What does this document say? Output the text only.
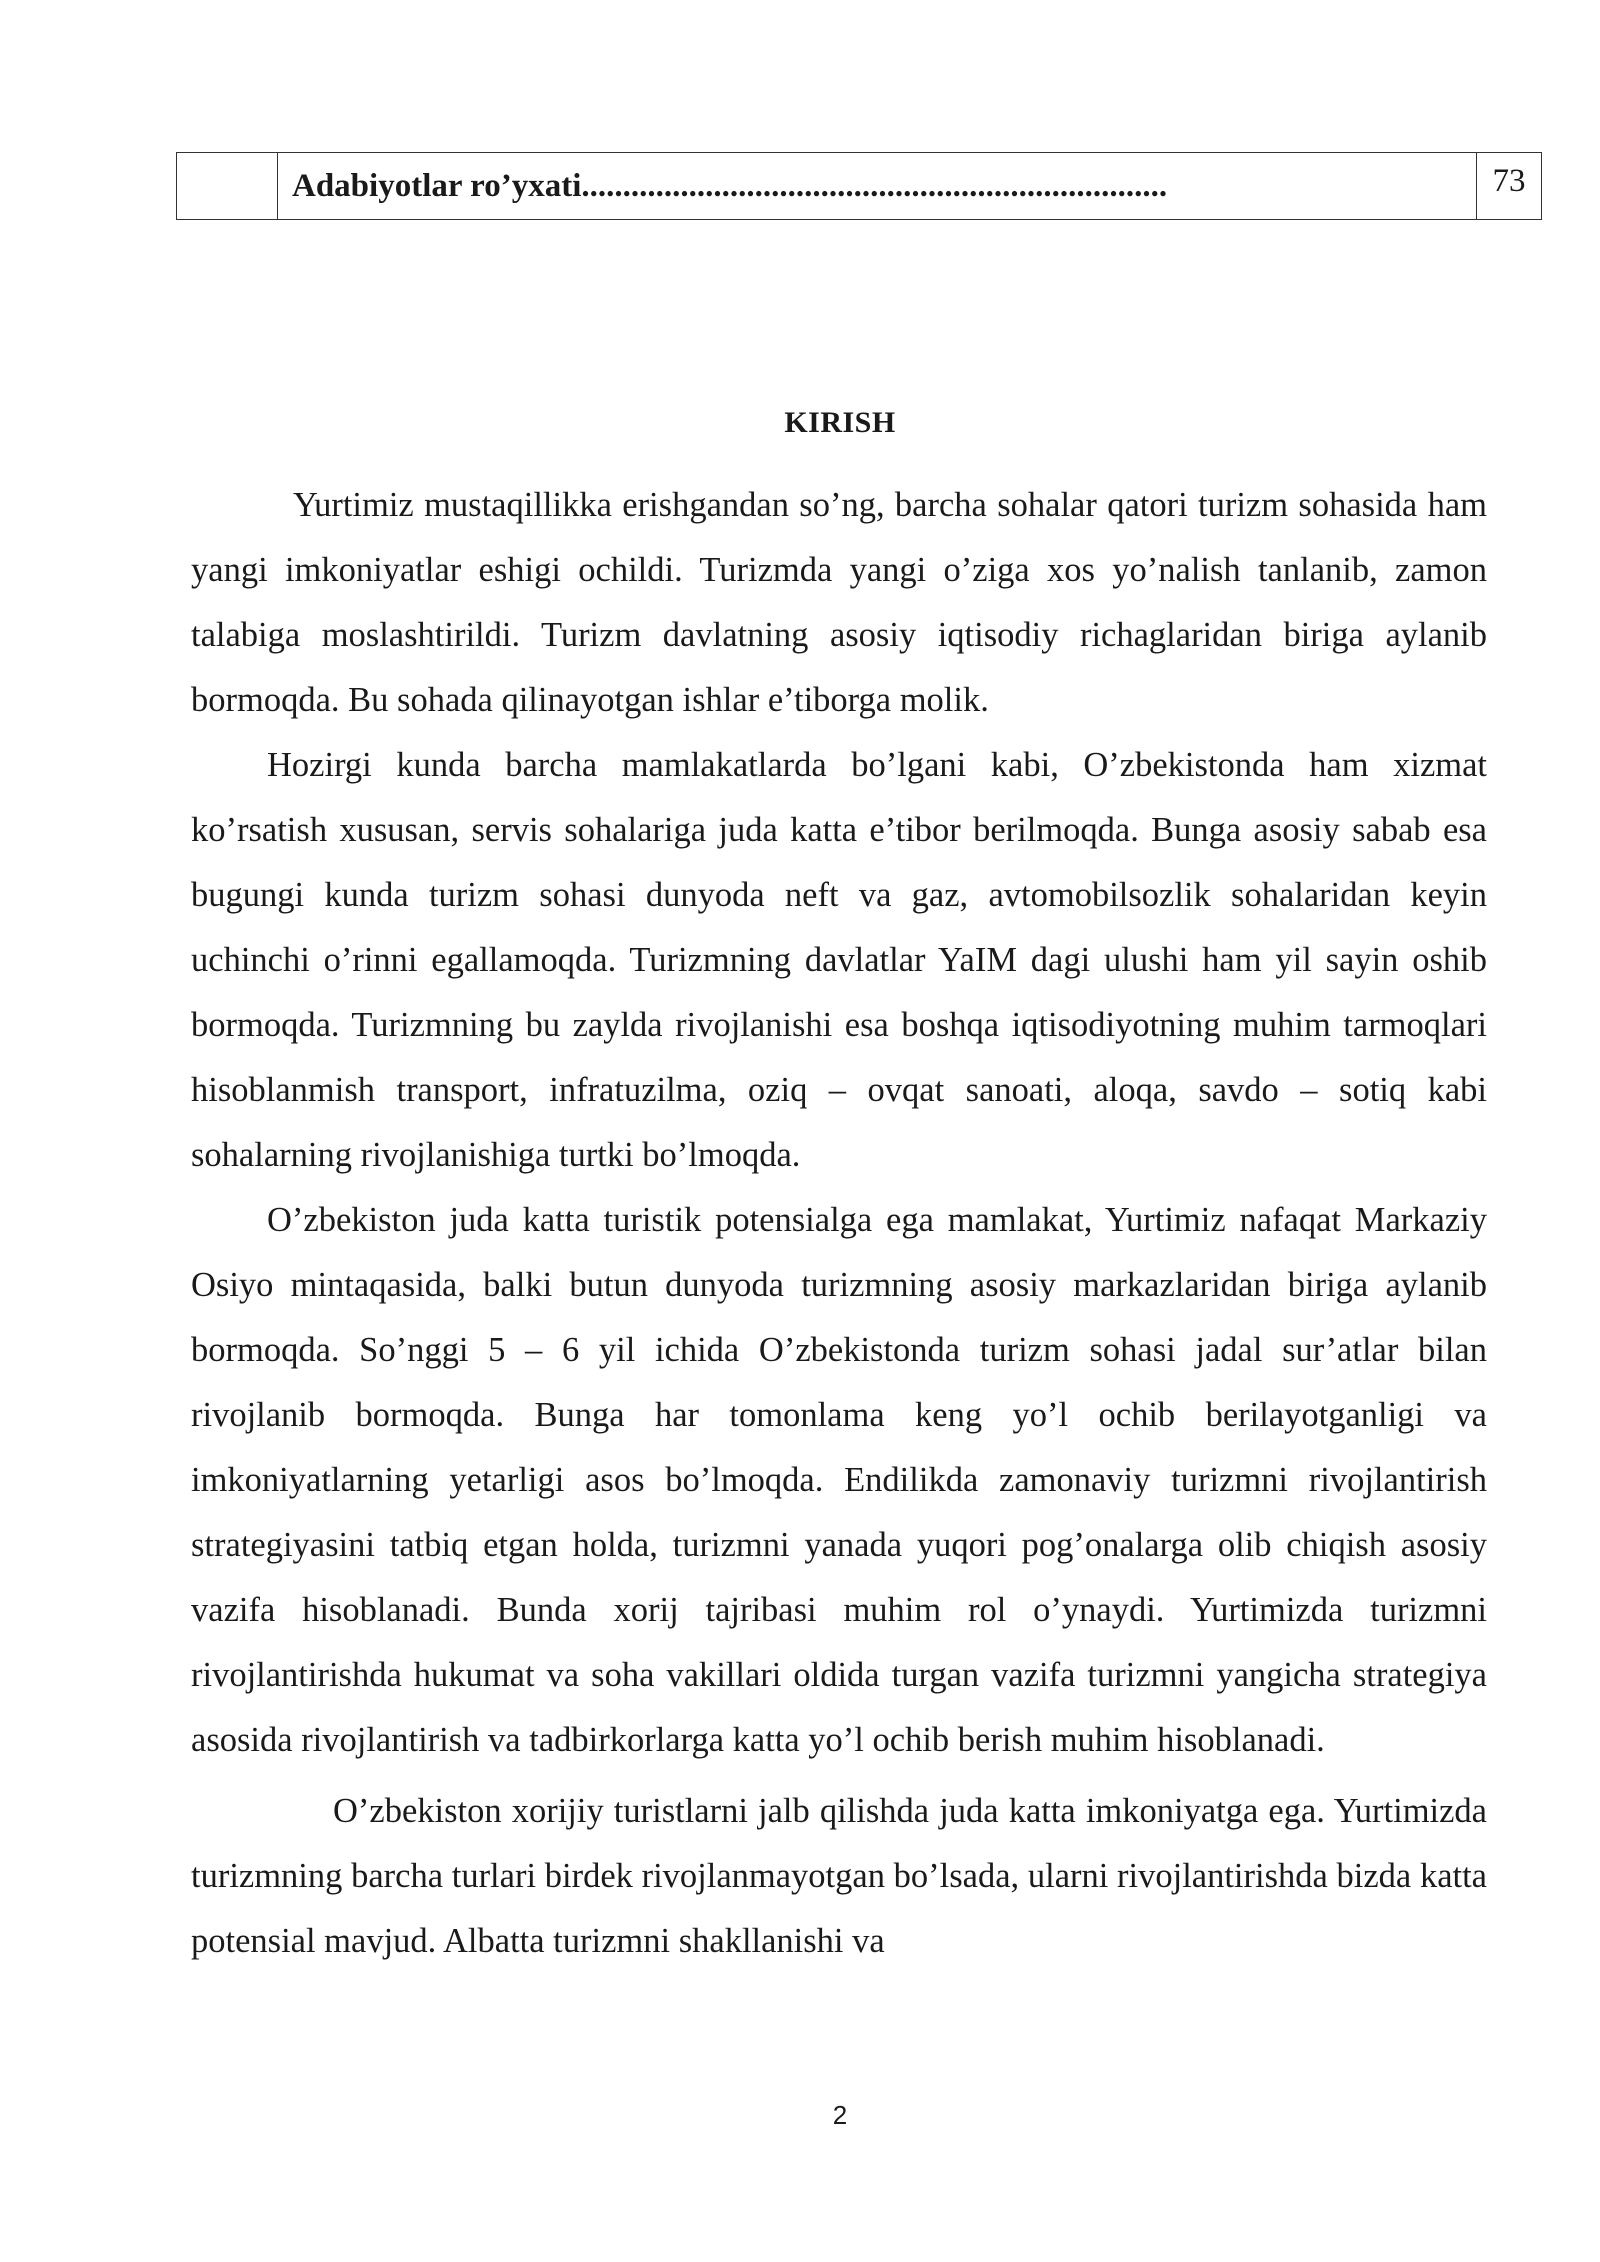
	Adabiyotlar ro’yxati.......................................................................	73
KIRISH

Yurtimiz mustaqillikka erishgandan so’ng, barcha sohalar qatori turizm sohasida ham yangi imkoniyatlar eshigi ochildi. Turizmda yangi o’ziga xos yo’nalish tanlanib, zamon talabiga moslashtirildi. Turizm davlatning asosiy iqtisodiy richaglaridan biriga aylanib bormoqda. Bu sohada qilinayotgan ishlar e’tiborga molik.

Hozirgi kunda barcha mamlakatlarda bo’lgani kabi, O’zbekistonda ham xizmat ko’rsatish xususan, servis sohalariga juda katta e’tibor berilmoqda. Bunga asosiy sabab esa bugungi kunda turizm sohasi dunyoda neft va gaz, avtomobilsozlik sohalaridan keyin uchinchi o’rinni egallamoqda. Turizmning davlatlar YaIM dagi ulushi ham yil sayin oshib bormoqda. Turizmning bu zaylda rivojlanishi esa boshqa iqtisodiyotning muhim tarmoqlari hisoblanmish transport, infratuzilma, oziq – ovqat sanoati, aloqa, savdo – sotiq kabi sohalarning rivojlanishiga turtki bo’lmoqda.

O’zbekiston juda katta turistik potensialga ega mamlakat, Yurtimiz nafaqat Markaziy Osiyo mintaqasida, balki butun dunyoda turizmning asosiy markazlaridan biriga aylanib bormoqda. So’nggi 5 – 6 yil ichida O’zbekistonda turizm sohasi jadal sur’atlar bilan rivojlanib bormoqda. Bunga har tomonlama keng yo’l ochib berilayotganligi va imkoniyatlarning yetarligi asos bo’lmoqda. Endilikda zamonaviy turizmni rivojlantirish strategiyasini tatbiq etgan holda, turizmni yanada yuqori pog’onalarga olib chiqish asosiy vazifa hisoblanadi. Bunda xorij tajribasi muhim rol o’ynaydi. Yurtimizda turizmni rivojlantirishda hukumat va soha vakillari oldida turgan vazifa turizmni yangicha strategiya asosida rivojlantirish va tadbirkorlarga katta yo’l ochib berish muhim hisoblanadi.

O’zbekiston xorijiy turistlarni jalb qilishda juda katta imkoniyatga ega. Yurtimizda turizmning barcha turlari birdek rivojlanmayotgan bo’lsada, ularni rivojlantirishda bizda katta potensial mavjud. Albatta turizmni shakllanishi va

2
